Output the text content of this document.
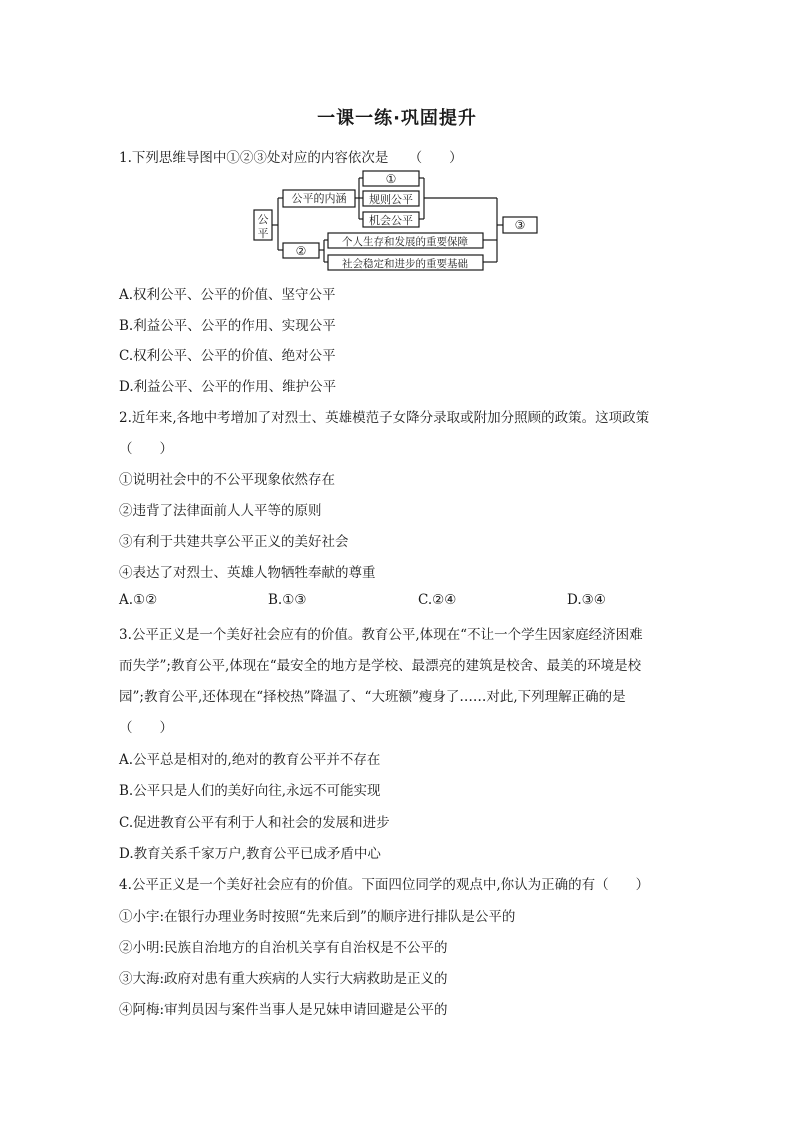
一课一练·巩固提升
1.下列思维导图中①②③处对应的内容依次是　　（　　）
公
平
公平的内涵
①
规则公平
机会公平
②
个人生存和发展的重要保障
社会稳定和进步的重要基础
③
A.权利公平、公平的价值、坚守公平
B.利益公平、公平的作用、实现公平
C.权利公平、公平的价值、绝对公平
D.利益公平、公平的作用、维护公平
2.近年来,各地中考增加了对烈士、英雄模范子女降分录取或附加分照顾的政策。这项政策
（　　）
①说明社会中的不公平现象依然存在
②违背了法律面前人人平等的原则
③有利于共建共享公平正义的美好社会
④表达了对烈士、英雄人物牺牲奉献的尊重
A.①②	B.①③	C.②④	D.③④
3.公平正义是一个美好社会应有的价值。教育公平,体现在“不让一个学生因家庭经济困难
而失学”;教育公平,体现在“最安全的地方是学校、最漂亮的建筑是校舍、最美的环境是校
园”;教育公平,还体现在“择校热”降温了、“大班额”瘦身了……对此,下列理解正确的是
（　　）
A.公平总是相对的,绝对的教育公平并不存在
B.公平只是人们的美好向往,永远不可能实现
C.促进教育公平有利于人和社会的发展和进步
D.教育关系千家万户,教育公平已成矛盾中心
4.公平正义是一个美好社会应有的价值。下面四位同学的观点中,你认为正确的有（　　）
①小宇:在银行办理业务时按照“先来后到”的顺序进行排队是公平的
②小明:民族自治地方的自治机关享有自治权是不公平的
③大海:政府对患有重大疾病的人实行大病救助是正义的
④阿梅:审判员因与案件当事人是兄妹申请回避是公平的
